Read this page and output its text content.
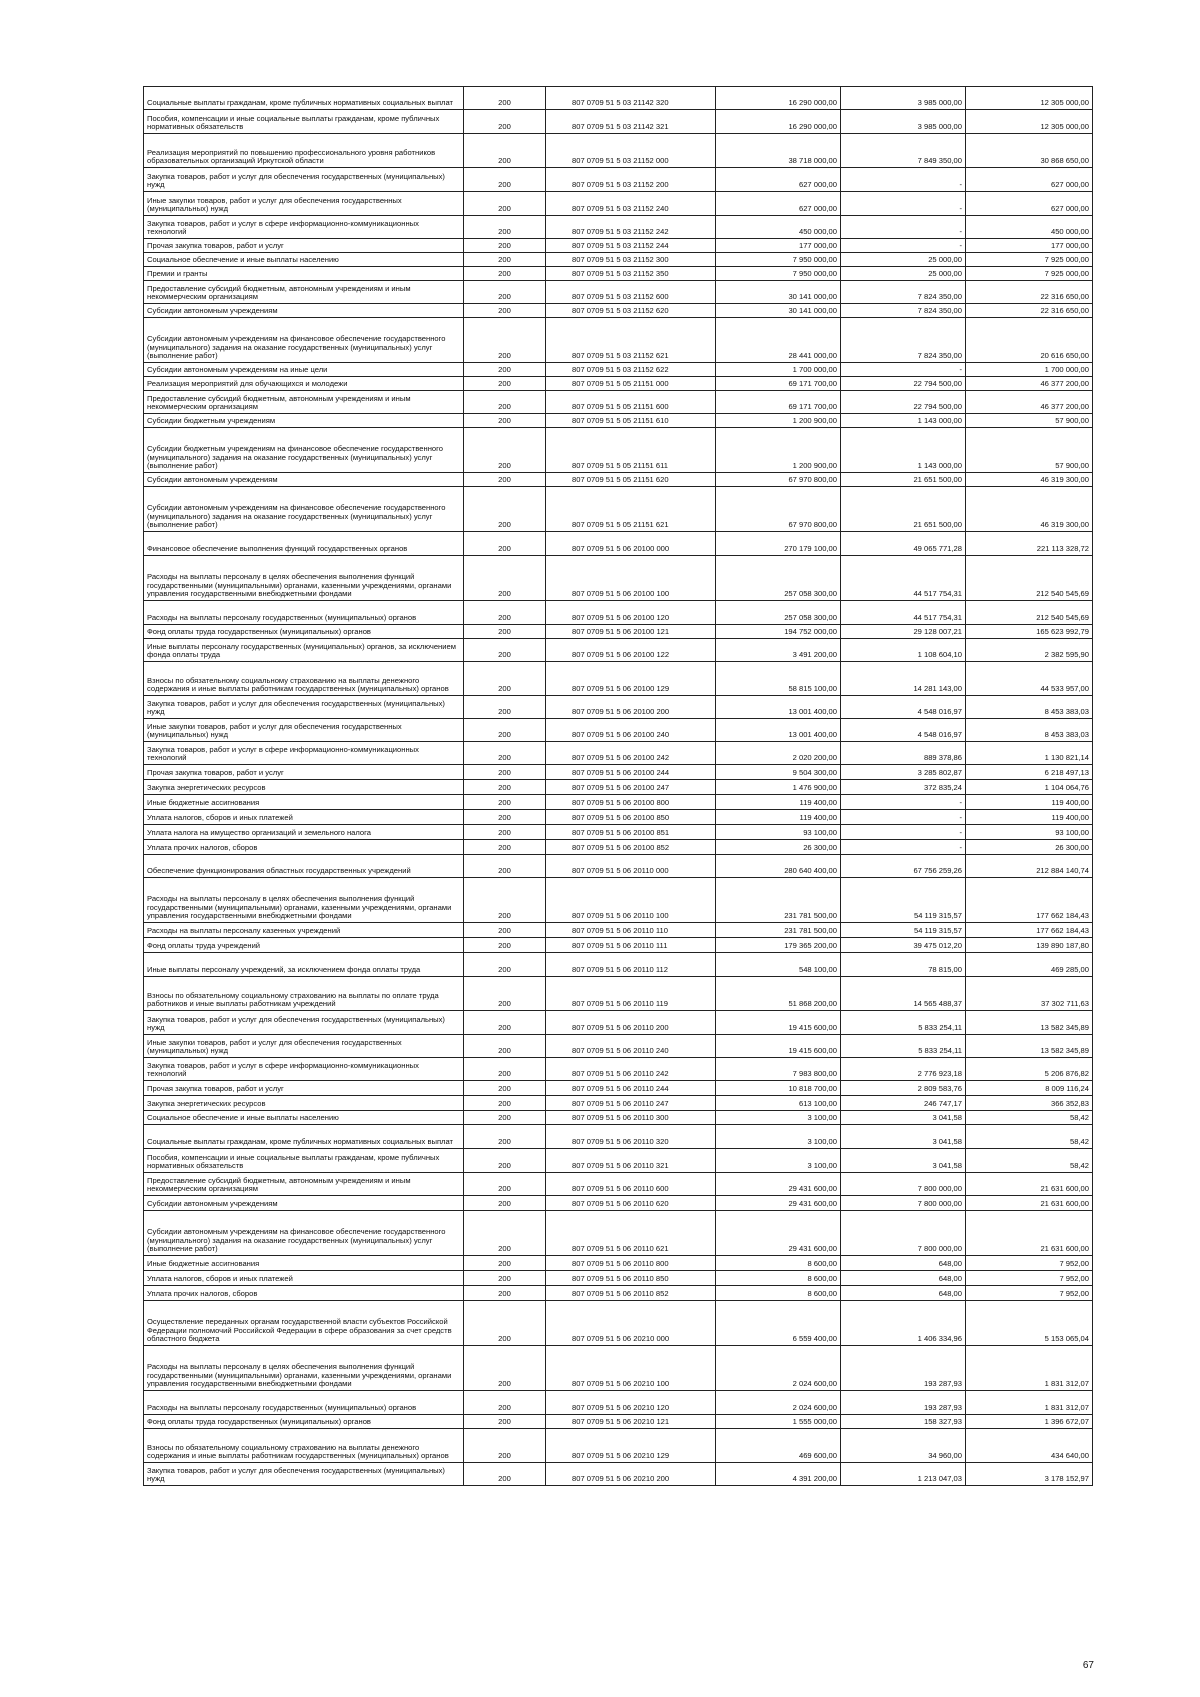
Социальные выплаты гражданам, кроме публичных нормативных социальных выплат	200	807 0709 51 5 03 21142 320	16 290 000,00	3 985 000,00	12 305 000,00
Пособия, компенсации и иные социальные выплаты гражданам, кроме публичных нормативных обязательств	200	807 0709 51 5 03 21142 321	16 290 000,00	3 985 000,00	12 305 000,00
Реализация мероприятий по повышению профессионального уровня работников образовательных организаций Иркутской области	200	807 0709 51 5 03 21152 000	38 718 000,00	7 849 350,00	30 868 650,00
Закупка товаров, работ и услуг для обеспечения государственных (муниципальных) нужд	200	807 0709 51 5 03 21152 200	627 000,00	-	627 000,00
Иные закупки товаров, работ и услуг для обеспечения государственных (муниципальных) нужд	200	807 0709 51 5 03 21152 240	627 000,00	-	627 000,00
Закупка товаров, работ и услуг в сфере информационно-коммуникационных технологий	200	807 0709 51 5 03 21152 242	450 000,00	-	450 000,00
Прочая закупка товаров, работ и услуг	200	807 0709 51 5 03 21152 244	177 000,00	-	177 000,00
Социальное обеспечение и иные выплаты населению	200	807 0709 51 5 03 21152 300	7 950 000,00	25 000,00	7 925 000,00
Премии и гранты	200	807 0709 51 5 03 21152 350	7 950 000,00	25 000,00	7 925 000,00
Предоставление субсидий бюджетным, автономным учреждениям и иным некоммерческим организациям	200	807 0709 51 5 03 21152 600	30 141 000,00	7 824 350,00	22 316 650,00
Субсидии автономным учреждениям	200	807 0709 51 5 03 21152 620	30 141 000,00	7 824 350,00	22 316 650,00
Субсидии автономным учреждениям на финансовое обеспечение государственного (муниципального) задания на оказание государственных (муниципальных) услуг (выполнение работ)	200	807 0709 51 5 03 21152 621	28 441 000,00	7 824 350,00	20 616 650,00
Субсидии автономным учреждениям на иные цели	200	807 0709 51 5 03 21152 622	1 700 000,00	-	1 700 000,00
Реализация мероприятий для обучающихся и молодежи	200	807 0709 51 5 05 21151 000	69 171 700,00	22 794 500,00	46 377 200,00
Предоставление субсидий бюджетным, автономным учреждениям и иным некоммерческим организациям	200	807 0709 51 5 05 21151 600	69 171 700,00	22 794 500,00	46 377 200,00
Субсидии бюджетным учреждениям	200	807 0709 51 5 05 21151 610	1 200 900,00	1 143 000,00	57 900,00
Субсидии бюджетным учреждениям на финансовое обеспечение государственного (муниципального) задания на оказание государственных (муниципальных) услуг (выполнение работ)	200	807 0709 51 5 05 21151 611	1 200 900,00	1 143 000,00	57 900,00
Субсидии автономным учреждениям	200	807 0709 51 5 05 21151 620	67 970 800,00	21 651 500,00	46 319 300,00
Субсидии автономным учреждениям на финансовое обеспечение государственного (муниципального) задания на оказание государственных (муниципальных) услуг (выполнение работ)	200	807 0709 51 5 05 21151 621	67 970 800,00	21 651 500,00	46 319 300,00
Финансовое обеспечение выполнения функций государственных органов	200	807 0709 51 5 06 20100 000	270 179 100,00	49 065 771,28	221 113 328,72
Расходы на выплаты персоналу в целях обеспечения выполнения функций государственными (муниципальными) органами, казенными учреждениями, органами управления государственными внебюджетными фондами	200	807 0709 51 5 06 20100 100	257 058 300,00	44 517 754,31	212 540 545,69
Расходы на выплаты персоналу государственных (муниципальных) органов	200	807 0709 51 5 06 20100 120	257 058 300,00	44 517 754,31	212 540 545,69
Фонд оплаты труда государственных (муниципальных) органов	200	807 0709 51 5 06 20100 121	194 752 000,00	29 128 007,21	165 623 992,79
Иные выплаты персоналу государственных (муниципальных) органов, за исключением фонда оплаты труда	200	807 0709 51 5 06 20100 122	3 491 200,00	1 108 604,10	2 382 595,90
Взносы по обязательному социальному страхованию на выплаты денежного содержания и иные выплаты работникам государственных (муниципальных) органов	200	807 0709 51 5 06 20100 129	58 815 100,00	14 281 143,00	44 533 957,00
Закупка товаров, работ и услуг для обеспечения государственных (муниципальных) нужд	200	807 0709 51 5 06 20100 200	13 001 400,00	4 548 016,97	8 453 383,03
Иные закупки товаров, работ и услуг для обеспечения государственных (муниципальных) нужд	200	807 0709 51 5 06 20100 240	13 001 400,00	4 548 016,97	8 453 383,03
Закупка товаров, работ и услуг в сфере информационно-коммуникационных технологий	200	807 0709 51 5 06 20100 242	2 020 200,00	889 378,86	1 130 821,14
Прочая закупка товаров, работ и услуг	200	807 0709 51 5 06 20100 244	9 504 300,00	3 285 802,87	6 218 497,13
Закупка энергетических ресурсов	200	807 0709 51 5 06 20100 247	1 476 900,00	372 835,24	1 104 064,76
Иные бюджетные ассигнования	200	807 0709 51 5 06 20100 800	119 400,00	-	119 400,00
Уплата налогов, сборов и иных платежей	200	807 0709 51 5 06 20100 850	119 400,00	-	119 400,00
Уплата налога на имущество организаций и земельного налога	200	807 0709 51 5 06 20100 851	93 100,00	-	93 100,00
Уплата прочих налогов, сборов	200	807 0709 51 5 06 20100 852	26 300,00	-	26 300,00
Обеспечение функционирования областных государственных учреждений	200	807 0709 51 5 06 20110 000	280 640 400,00	67 756 259,26	212 884 140,74
Расходы на выплаты персоналу в целях обеспечения выполнения функций государственными (муниципальными) органами, казенными учреждениями, органами управления государственными внебюджетными фондами	200	807 0709 51 5 06 20110 100	231 781 500,00	54 119 315,57	177 662 184,43
Расходы на выплаты персоналу казенных учреждений	200	807 0709 51 5 06 20110 110	231 781 500,00	54 119 315,57	177 662 184,43
Фонд оплаты труда учреждений	200	807 0709 51 5 06 20110 111	179 365 200,00	39 475 012,20	139 890 187,80
Иные выплаты персоналу учреждений, за исключением фонда оплаты труда	200	807 0709 51 5 06 20110 112	548 100,00	78 815,00	469 285,00
Взносы по обязательному социальному страхованию на выплаты по оплате труда работников и иные выплаты работникам учреждений	200	807 0709 51 5 06 20110 119	51 868 200,00	14 565 488,37	37 302 711,63
Закупка товаров, работ и услуг для обеспечения государственных (муниципальных) нужд	200	807 0709 51 5 06 20110 200	19 415 600,00	5 833 254,11	13 582 345,89
Иные закупки товаров, работ и услуг для обеспечения государственных (муниципальных) нужд	200	807 0709 51 5 06 20110 240	19 415 600,00	5 833 254,11	13 582 345,89
Закупка товаров, работ и услуг в сфере информационно-коммуникационных технологий	200	807 0709 51 5 06 20110 242	7 983 800,00	2 776 923,18	5 206 876,82
Прочая закупка товаров, работ и услуг	200	807 0709 51 5 06 20110 244	10 818 700,00	2 809 583,76	8 009 116,24
Закупка энергетических ресурсов	200	807 0709 51 5 06 20110 247	613 100,00	246 747,17	366 352,83
Социальное обеспечение и иные выплаты населению	200	807 0709 51 5 06 20110 300	3 100,00	3 041,58	58,42
Социальные выплаты гражданам, кроме публичных нормативных социальных выплат	200	807 0709 51 5 06 20110 320	3 100,00	3 041,58	58,42
Пособия, компенсации и иные социальные выплаты гражданам, кроме публичных нормативных обязательств	200	807 0709 51 5 06 20110 321	3 100,00	3 041,58	58,42
Предоставление субсидий бюджетным, автономным учреждениям и иным некоммерческим организациям	200	807 0709 51 5 06 20110 600	29 431 600,00	7 800 000,00	21 631 600,00
Субсидии автономным учреждениям	200	807 0709 51 5 06 20110 620	29 431 600,00	7 800 000,00	21 631 600,00
Субсидии автономным учреждениям на финансовое обеспечение государственного (муниципального) задания на оказание государственных (муниципальных) услуг (выполнение работ)	200	807 0709 51 5 06 20110 621	29 431 600,00	7 800 000,00	21 631 600,00
Иные бюджетные ассигнования	200	807 0709 51 5 06 20110 800	8 600,00	648,00	7 952,00
Уплата налогов, сборов и иных платежей	200	807 0709 51 5 06 20110 850	8 600,00	648,00	7 952,00
Уплата прочих налогов, сборов	200	807 0709 51 5 06 20110 852	8 600,00	648,00	7 952,00
Осуществление переданных органам государственной власти субъектов Российской Федерации полномочий Российской Федерации в сфере образования за счет средств областного бюджета	200	807 0709 51 5 06 20210 000	6 559 400,00	1 406 334,96	5 153 065,04
Расходы на выплаты персоналу в целях обеспечения выполнения функций государственными (муниципальными) органами, казенными учреждениями, органами управления государственными внебюджетными фондами	200	807 0709 51 5 06 20210 100	2 024 600,00	193 287,93	1 831 312,07
Расходы на выплаты персоналу государственных (муниципальных) органов	200	807 0709 51 5 06 20210 120	2 024 600,00	193 287,93	1 831 312,07
Фонд оплаты труда государственных (муниципальных) органов	200	807 0709 51 5 06 20210 121	1 555 000,00	158 327,93	1 396 672,07
Взносы по обязательному социальному страхованию на выплаты денежного содержания и иные выплаты работникам государственных (муниципальных) органов	200	807 0709 51 5 06 20210 129	469 600,00	34 960,00	434 640,00
Закупка товаров, работ и услуг для обеспечения государственных (муниципальных) нужд	200	807 0709 51 5 06 20210 200	4 391 200,00	1 213 047,03	3 178 152,97
67
